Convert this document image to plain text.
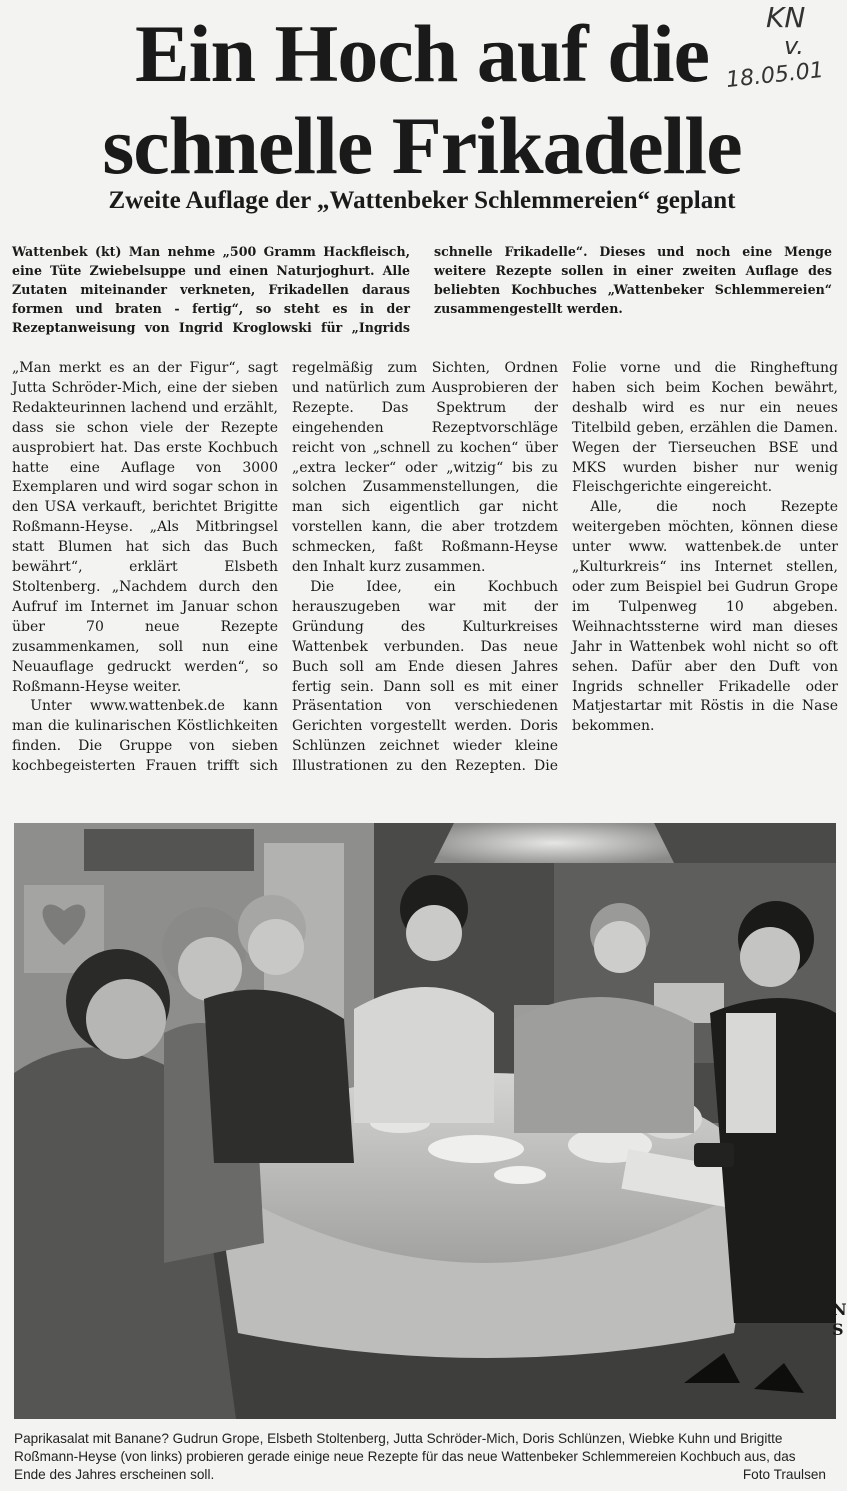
Ein Hoch auf die
schnelle Frikadelle
KN
v.
18.05.01
Zweite Auflage der „Wattenbeker Schlemmereien“ geplant
Wattenbek (kt) Man nehme „500 Gramm Hackfleisch, eine Tüte Zwiebelsuppe und einen Naturjoghurt. Alle Zutaten miteinander verkneten, Frikadellen daraus formen und braten - fertig“, so steht es in der Rezeptanweisung von Ingrid Kroglowski für „Ingrids schnelle Frikadelle“. Dieses und noch eine Menge weitere Rezepte sollen in einer zweiten Auflage des beliebten Kochbuches „Wattenbeker Schlemmereien“ zusammengestellt werden.

„Man merkt es an der Figur“, sagt Jutta Schröder-Mich, eine der sieben Redakteurinnen lachend und erzählt, dass sie schon viele der Rezepte ausprobiert hat. Das erste Kochbuch hatte eine Auflage von 3000 Exemplaren und wird sogar schon in den USA verkauft, berichtet Brigitte Roßmann-Heyse. „Als Mitbringsel statt Blumen hat sich das Buch bewährt“, erklärt Elsbeth Stoltenberg. „Nachdem durch den Aufruf im Internet im Januar schon über 70 neue Rezepte zusammenkamen, soll nun eine Neuauflage gedruckt werden“, so Roßmann-Heyse weiter.

Unter www.wattenbek.de kann man die kulinarischen Köstlichkeiten finden. Die Gruppe von sieben kochbegeisterten Frauen trifft sich regelmäßig zum Sichten, Ordnen und natürlich zum Ausprobieren der Rezepte. Das Spektrum der eingehenden Rezeptvorschläge reicht von „schnell zu kochen“ über „extra lecker“ oder „witzig“ bis zu solchen Zusammenstellungen, die man sich eigentlich gar nicht vorstellen kann, die aber trotzdem schmecken, faßt Roßmann-Heyse den Inhalt kurz zusammen.

Die Idee, ein Kochbuch herauszugeben war mit der Gründung des Kulturkreises Wattenbek verbunden. Das neue Buch soll am Ende diesen Jahres fertig sein. Dann soll es mit einer Präsentation von verschiedenen Gerichten vorgestellt werden. Doris Schlünzen zeichnet wieder kleine Illustrationen zu den Rezepten. Die Folie vorne und die Ringheftung haben sich beim Kochen bewährt, deshalb wird es nur ein neues Titelbild geben, erzählen die Damen. Wegen der Tierseuchen BSE und MKS wurden bisher nur wenig Fleischgerichte eingereicht.

Alle, die noch Rezepte weitergeben möchten, können diese unter www. wattenbek.de unter „Kulturkreis“ ins Internet stellen, oder zum Beispiel bei Gudrun Grope im Tulpenweg 10 abgeben. Weihnachtssterne wird man dieses Jahr in Wattenbek wohl nicht so oft sehen. Dafür aber den Duft von Ingrids schneller Frikadelle oder Matjestartar mit Röstis in die Nase bekommen.

Paprikasalat mit Banane? Gudrun Grope, Elsbeth Stoltenberg, Jutta Schröder-Mich, Doris Schlünzen, Wiebke Kuhn und Brigitte Roßmann-Heyse (von links) probieren gerade einige neue Rezepte für das neue Wattenbeker Schlemmereien Kochbuch aus, das Ende des Jahres erscheinen soll.	Foto Traulsen
N S
